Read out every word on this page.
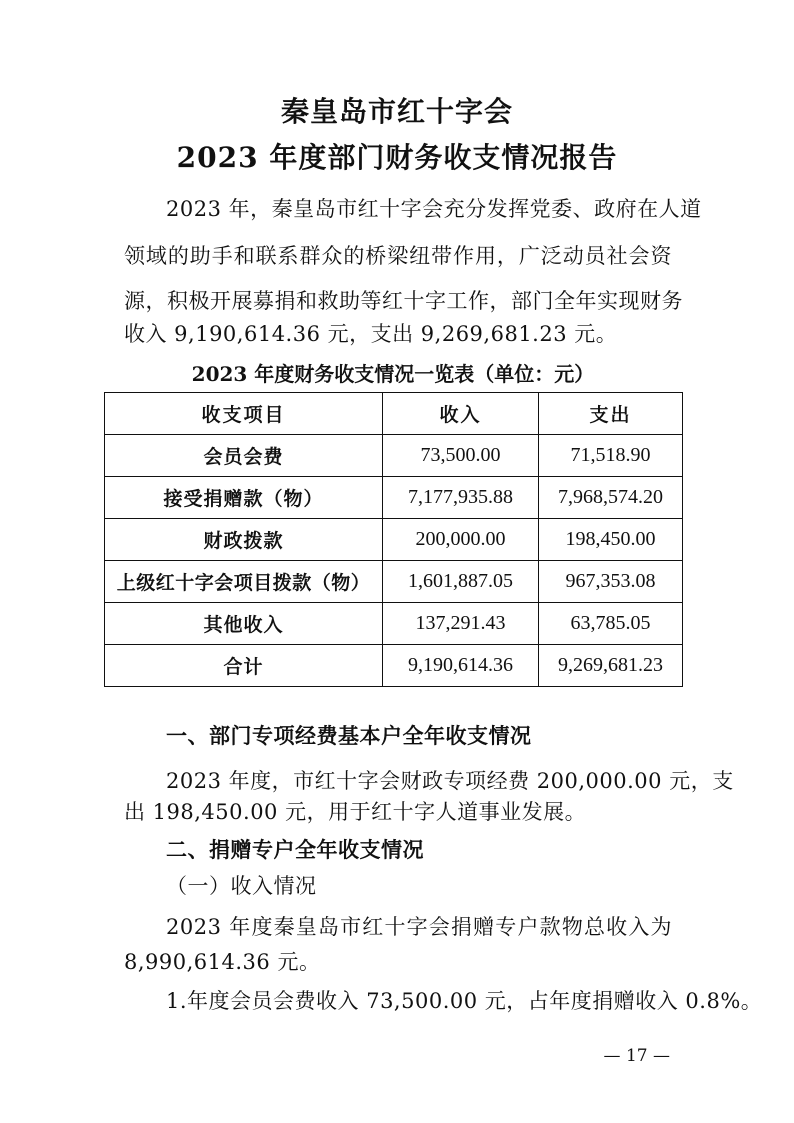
秦皇岛市红十字会
2023 年度部门财务收支情况报告
2023 年，秦皇岛市红十字会充分发挥党委、政府在人道
领域的助手和联系群众的桥梁纽带作用，广泛动员社会资
源，积极开展募捐和救助等红十字工作，部门全年实现财务
收入 9,190,614.36 元，支出 9,269,681.23 元。
2023 年度财务收支情况一览表（单位：元）
收支项目	收入	支出
会员会费	73,500.00	71,518.90
接受捐赠款（物）	7,177,935.88	7,968,574.20
财政拨款	200,000.00	198,450.00
上级红十字会项目拨款（物）	1,601,887.05	967,353.08
其他收入	137,291.43	63,785.05
合计	9,190,614.36	9,269,681.23
一、部门专项经费基本户全年收支情况
2023 年度，市红十字会财政专项经费 200,000.00 元，支
出 198,450.00 元，用于红十字人道事业发展。
二、捐赠专户全年收支情况
（一）收入情况
2023 年度秦皇岛市红十字会捐赠专户款物总收入为
8,990,614.36 元。
1.年度会员会费收入 73,500.00 元，占年度捐赠收入 0.8%。
— 17 —
